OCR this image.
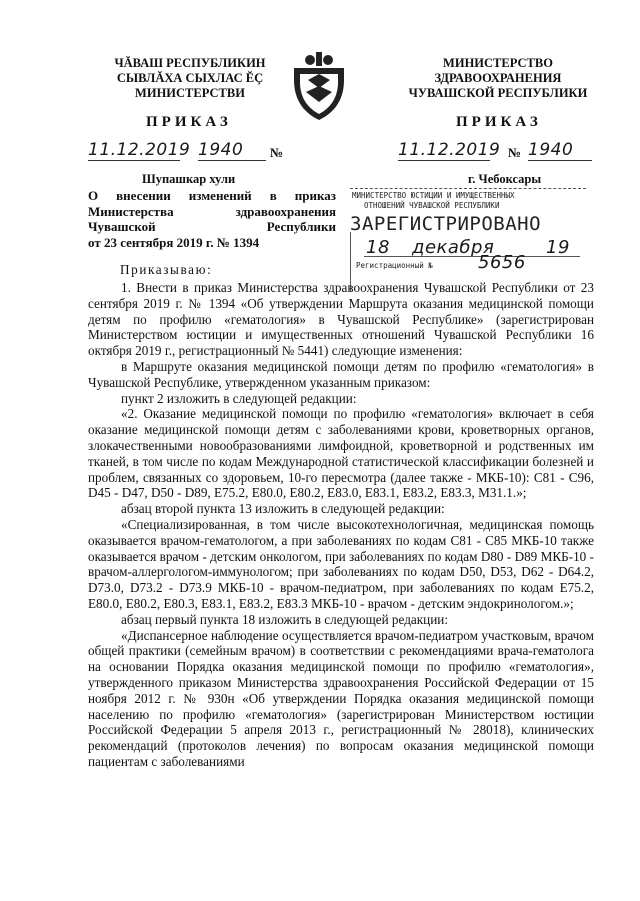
ЧĂВАШ РЕСПУБЛИКИН
СЫВЛĂХА СЫХЛАС ĔÇ
МИНИСТЕРСТВИ
МИНИСТЕРСТВО
ЗДРАВООХРАНЕНИЯ
ЧУВАШСКОЙ РЕСПУБЛИКИ
ПРИКАЗ	ПРИКАЗ
11.12.2019 1940	№	11.12.2019 № 1940
Шупашкар хули	г. Чебоксары
О внесении изменений в приказ
Министерства здравоохранения
Чувашской Республики
от 23 сентября 2019 г. № 1394
МИНИСТЕРСТВО ЮСТИЦИИ И ИМУЩЕСТВЕННЫХ
ОТНОШЕНИЙ ЧУВАШСКОЙ РЕСПУБЛИКИ
ЗАРЕГИСТРИРОВАНО
18 декабря	19
Регистрационный №	5656
Приказываю:

1. Внести в приказ Министерства здравоохранения Чувашской Республики от 23 сентября 2019 г. № 1394 «Об утверждении Маршрута оказания медицинской помощи детям по профилю «гематология» в Чувашской Республике» (зарегистрирован Министерством юстиции и имущественных отношений Чувашской Республики 16 октября 2019 г., регистрационный № 5441) следующие изменения:

в Маршруте оказания медицинской помощи детям по профилю «гематология» в Чувашской Республике, утвержденном указанным приказом:

пункт 2 изложить в следующей редакции:

«2. Оказание медицинской помощи по профилю «гематология» включает в себя оказание медицинской помощи детям с заболеваниями крови, кроветворных органов, злокачественными новообразованиями лимфоидной, кроветворной и родственных им тканей, в том числе по кодам Международной статистической классификации болезней и проблем, связанных со здоровьем, 10-го пересмотра (далее также - МКБ-10): C81 - C96, D45 - D47, D50 - D89, E75.2, E80.0, E80.2, E83.0, E83.1, E83.2, E83.3, M31.1.»;

абзац второй пункта 13 изложить в следующей редакции:

«Специализированная, в том числе высокотехнологичная, медицинская помощь оказывается врачом-гематологом, а при заболеваниях по кодам C81 - C85 МКБ-10 также оказывается врачом - детским онкологом, при заболеваниях по кодам D80 - D89 МКБ-10 - врачом-аллергологом-иммунологом; при заболеваниях по кодам D50, D53, D62 - D64.2, D73.0, D73.2 - D73.9 МКБ-10 - врачом-педиатром, при заболеваниях по кодам E75.2, E80.0, E80.2, E80.3, E83.1, E83.2, E83.3 МКБ-10 - врачом - детским эндокринологом.»;

абзац первый пункта 18 изложить в следующей редакции:

«Диспансерное наблюдение осуществляется врачом-педиатром участковым, врачом общей практики (семейным врачом) в соответствии с рекомендациями врача-гематолога на основании Порядка оказания медицинской помощи по профилю «гематология», утвержденного приказом Министерства здравоохранения Российской Федерации от 15 ноября 2012 г. № 930н «Об утверждении Порядка оказания медицинской помощи населению по профилю «гематология» (зарегистрирован Министерством юстиции Российской Федерации 5 апреля 2013 г., регистрационный № 28018), клинических рекомендаций (протоколов лечения) по вопросам оказания медицинской помощи пациентам с заболеваниями
